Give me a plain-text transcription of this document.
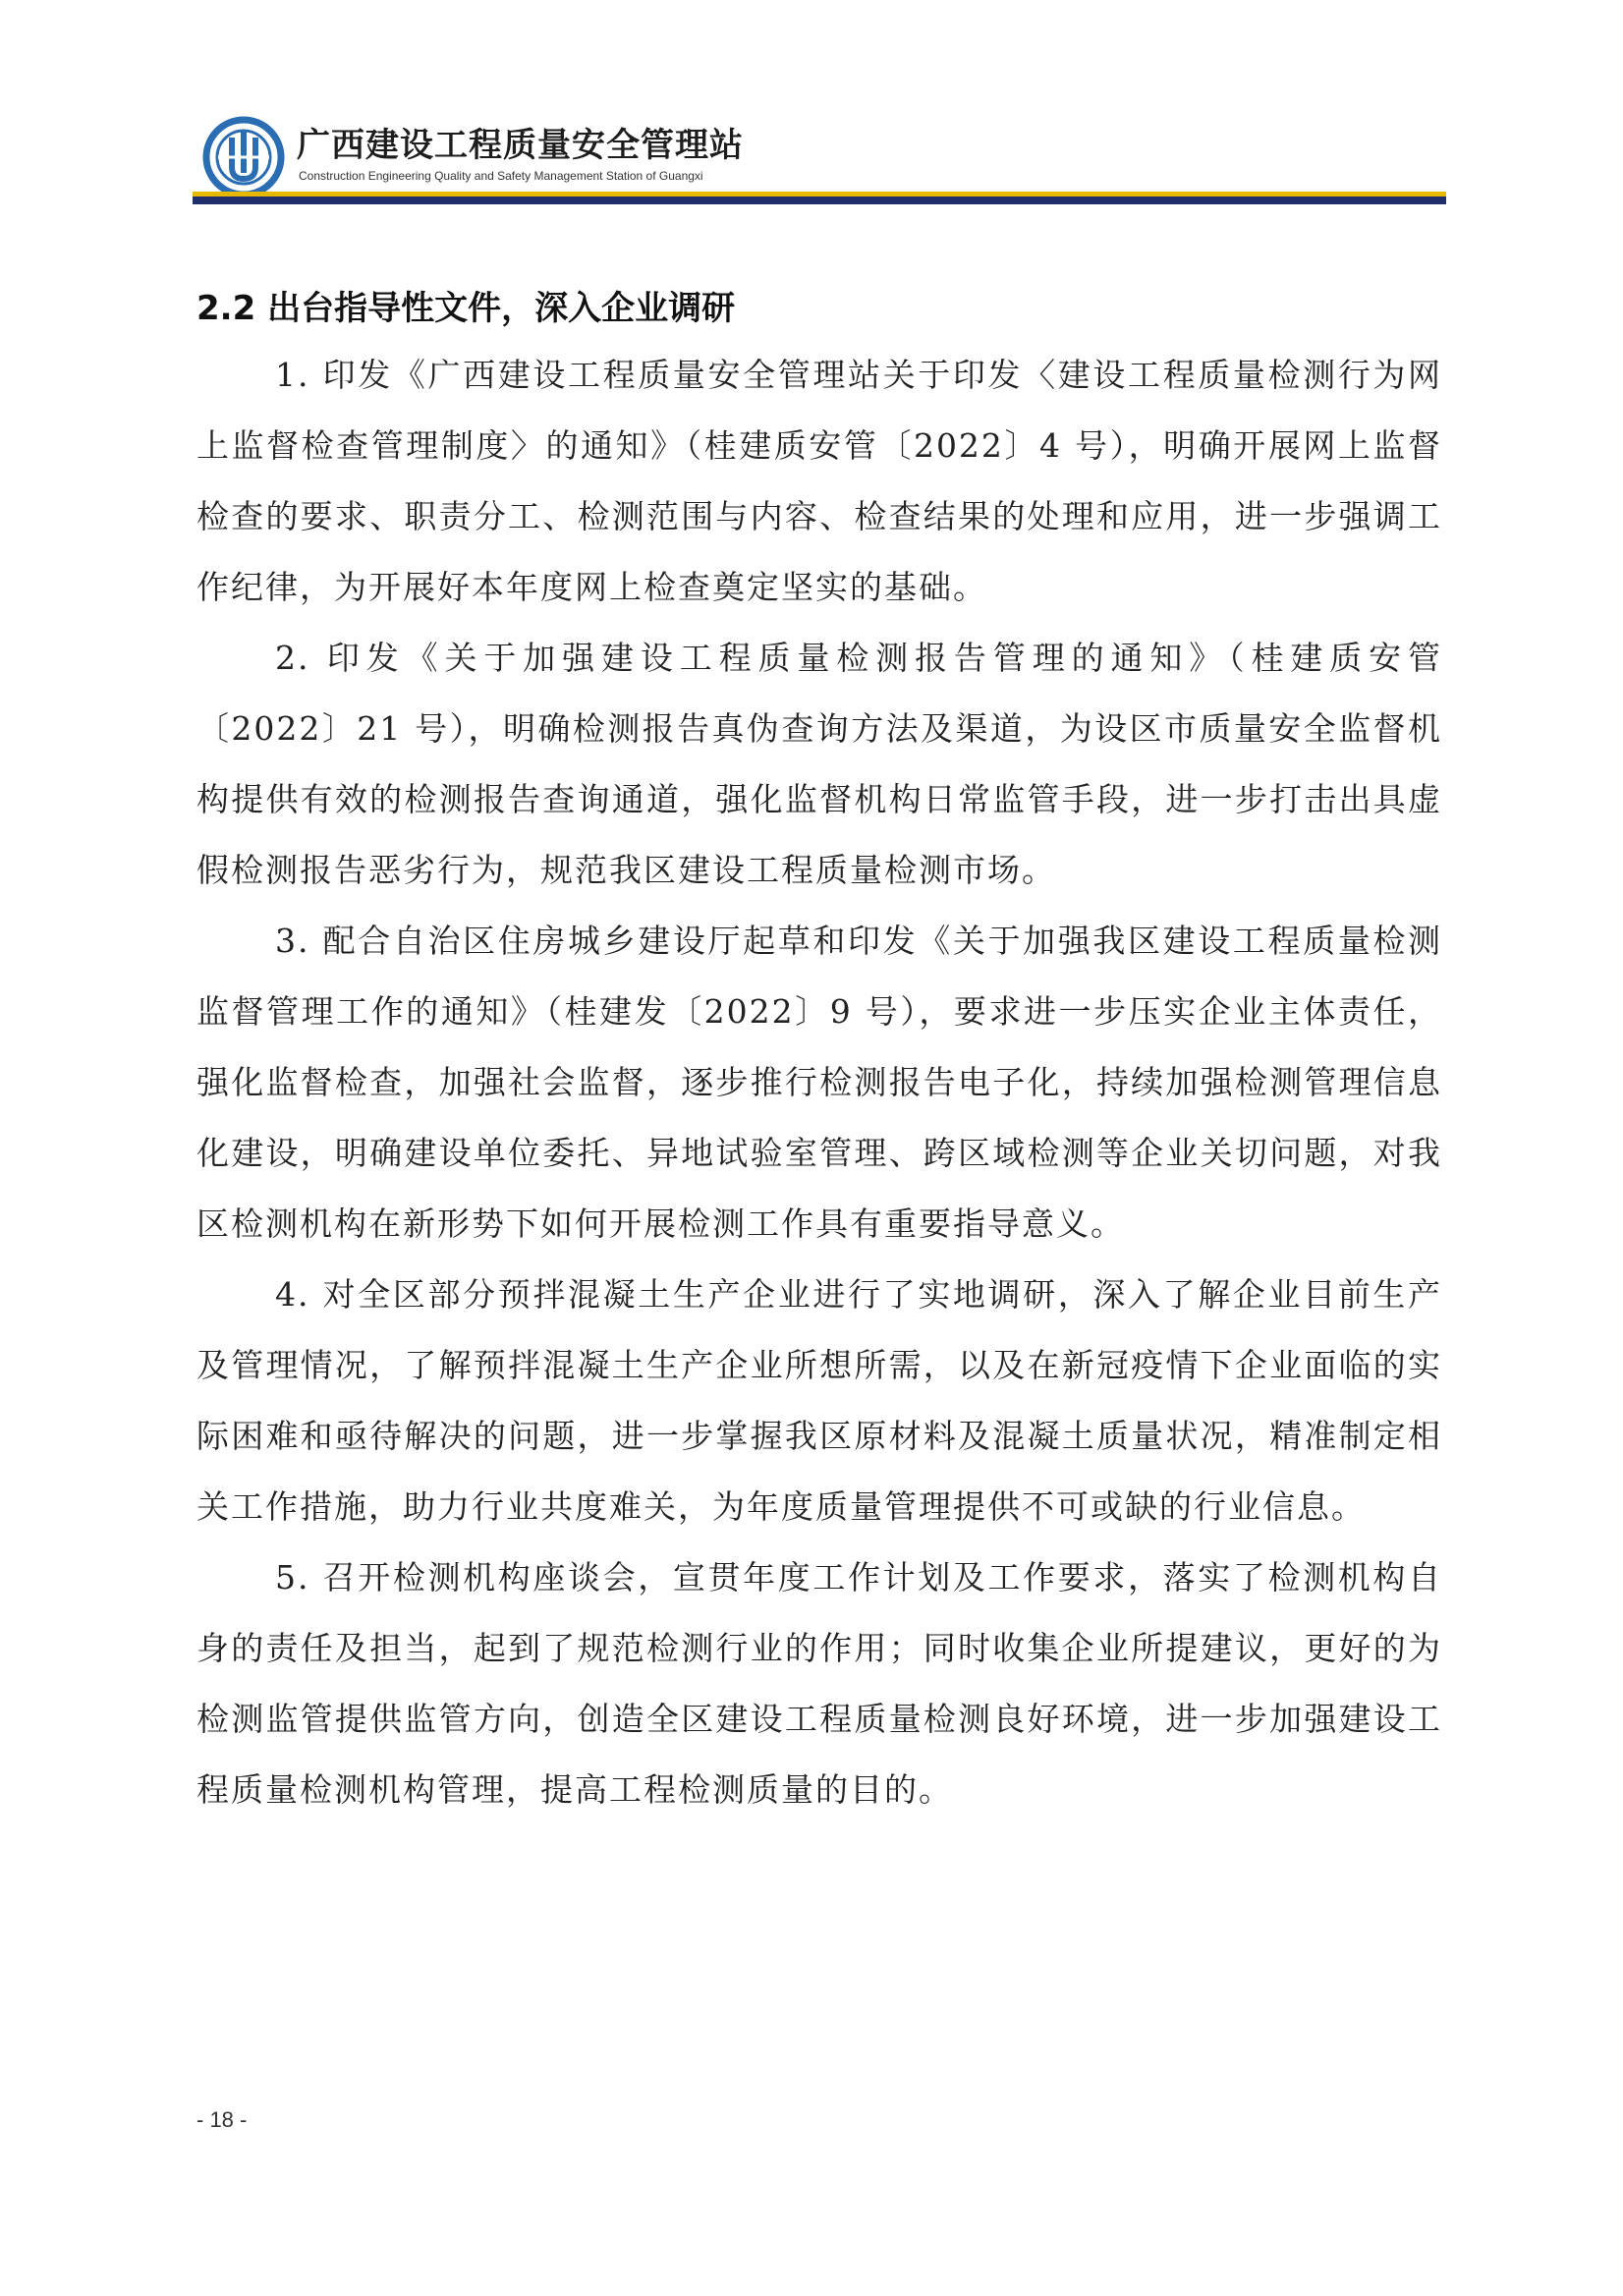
广西建设工程质量安全管理站
Construction Engineering Quality and Safety Management Station of Guangxi
2.2 出台指导性文件，深入企业调研

1. 印发《广西建设工程质量安全管理站关于印发〈建设工程质量检测行为网上监督检查管理制度〉的通知》（桂建质安管〔2022〕4 号），明确开展网上监督检查的要求、职责分工、检测范围与内容、检查结果的处理和应用，进一步强调工作纪律，为开展好本年度网上检查奠定坚实的基础。

2. 印发《关于加强建设工程质量检测报告管理的通知》（桂建质安管〔2022〕21 号），明确检测报告真伪查询方法及渠道，为设区市质量安全监督机构提供有效的检测报告查询通道，强化监督机构日常监管手段，进一步打击出具虚假检测报告恶劣行为，规范我区建设工程质量检测市场。

3. 配合自治区住房城乡建设厅起草和印发《关于加强我区建设工程质量检测监督管理工作的通知》（桂建发〔2022〕9 号），要求进一步压实企业主体责任，强化监督检查，加强社会监督，逐步推行检测报告电子化，持续加强检测管理信息化建设，明确建设单位委托、异地试验室管理、跨区域检测等企业关切问题，对我区检测机构在新形势下如何开展检测工作具有重要指导意义。

4. 对全区部分预拌混凝土生产企业进行了实地调研，深入了解企业目前生产及管理情况，了解预拌混凝土生产企业所想所需，以及在新冠疫情下企业面临的实际困难和亟待解决的问题，进一步掌握我区原材料及混凝土质量状况，精准制定相关工作措施，助力行业共度难关，为年度质量管理提供不可或缺的行业信息。

5. 召开检测机构座谈会，宣贯年度工作计划及工作要求，落实了检测机构自身的责任及担当，起到了规范检测行业的作用；同时收集企业所提建议，更好的为检测监管提供监管方向，创造全区建设工程质量检测良好环境，进一步加强建设工程质量检测机构管理，提高工程检测质量的目的。

- 18 -
